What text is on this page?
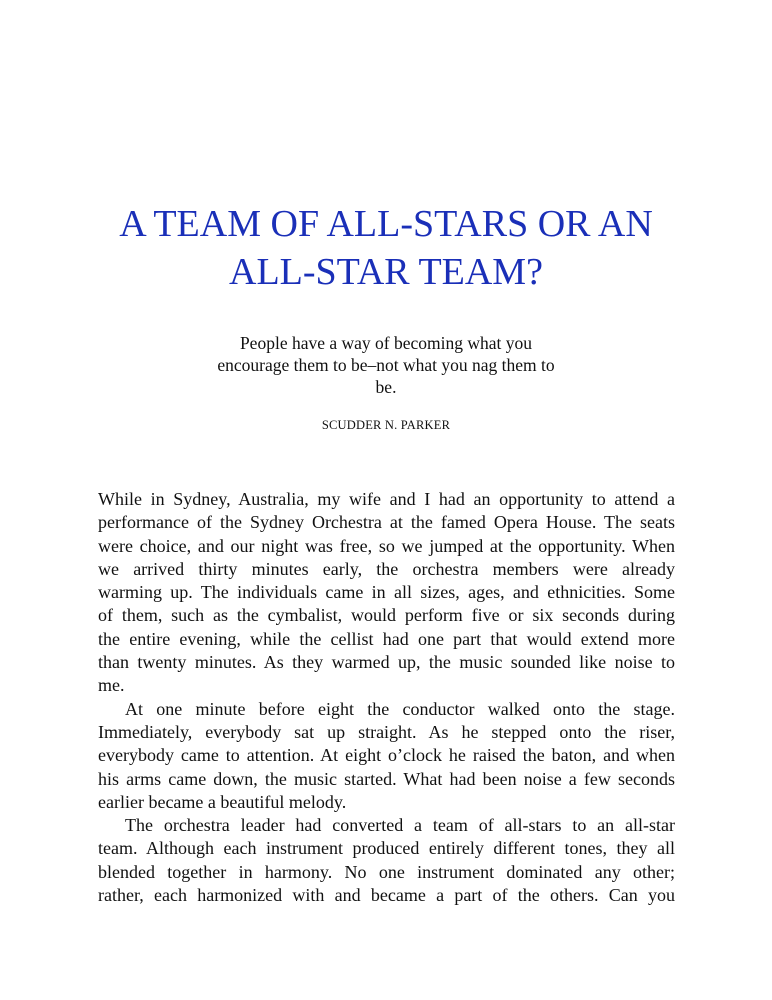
A TEAM OF ALL-STARS OR AN
ALL-STAR TEAM?

People have a way of becoming what you
encourage them to be–not what you nag them to
be.

SCUDDER N. PARKER

While in Sydney, Australia, my wife and I had an opportunity to attend a
performance of the Sydney Orchestra at the famed Opera House. The seats
were choice, and our night was free, so we jumped at the opportunity. When
we arrived thirty minutes early, the orchestra members were already
warming up. The individuals came in all sizes, ages, and ethnicities. Some
of them, such as the cymbalist, would perform five or six seconds during
the entire evening, while the cellist had one part that would extend more
than twenty minutes. As they warmed up, the music sounded like noise to
me.

At one minute before eight the conductor walked onto the stage.
Immediately, everybody sat up straight. As he stepped onto the riser,
everybody came to attention. At eight o’clock he raised the baton, and when
his arms came down, the music started. What had been noise a few seconds
earlier became a beautiful melody.

The orchestra leader had converted a team of all-stars to an all-star
team. Although each instrument produced entirely different tones, they all
blended together in harmony. No one instrument dominated any other;
rather, each harmonized with and became a part of the others. Can you
